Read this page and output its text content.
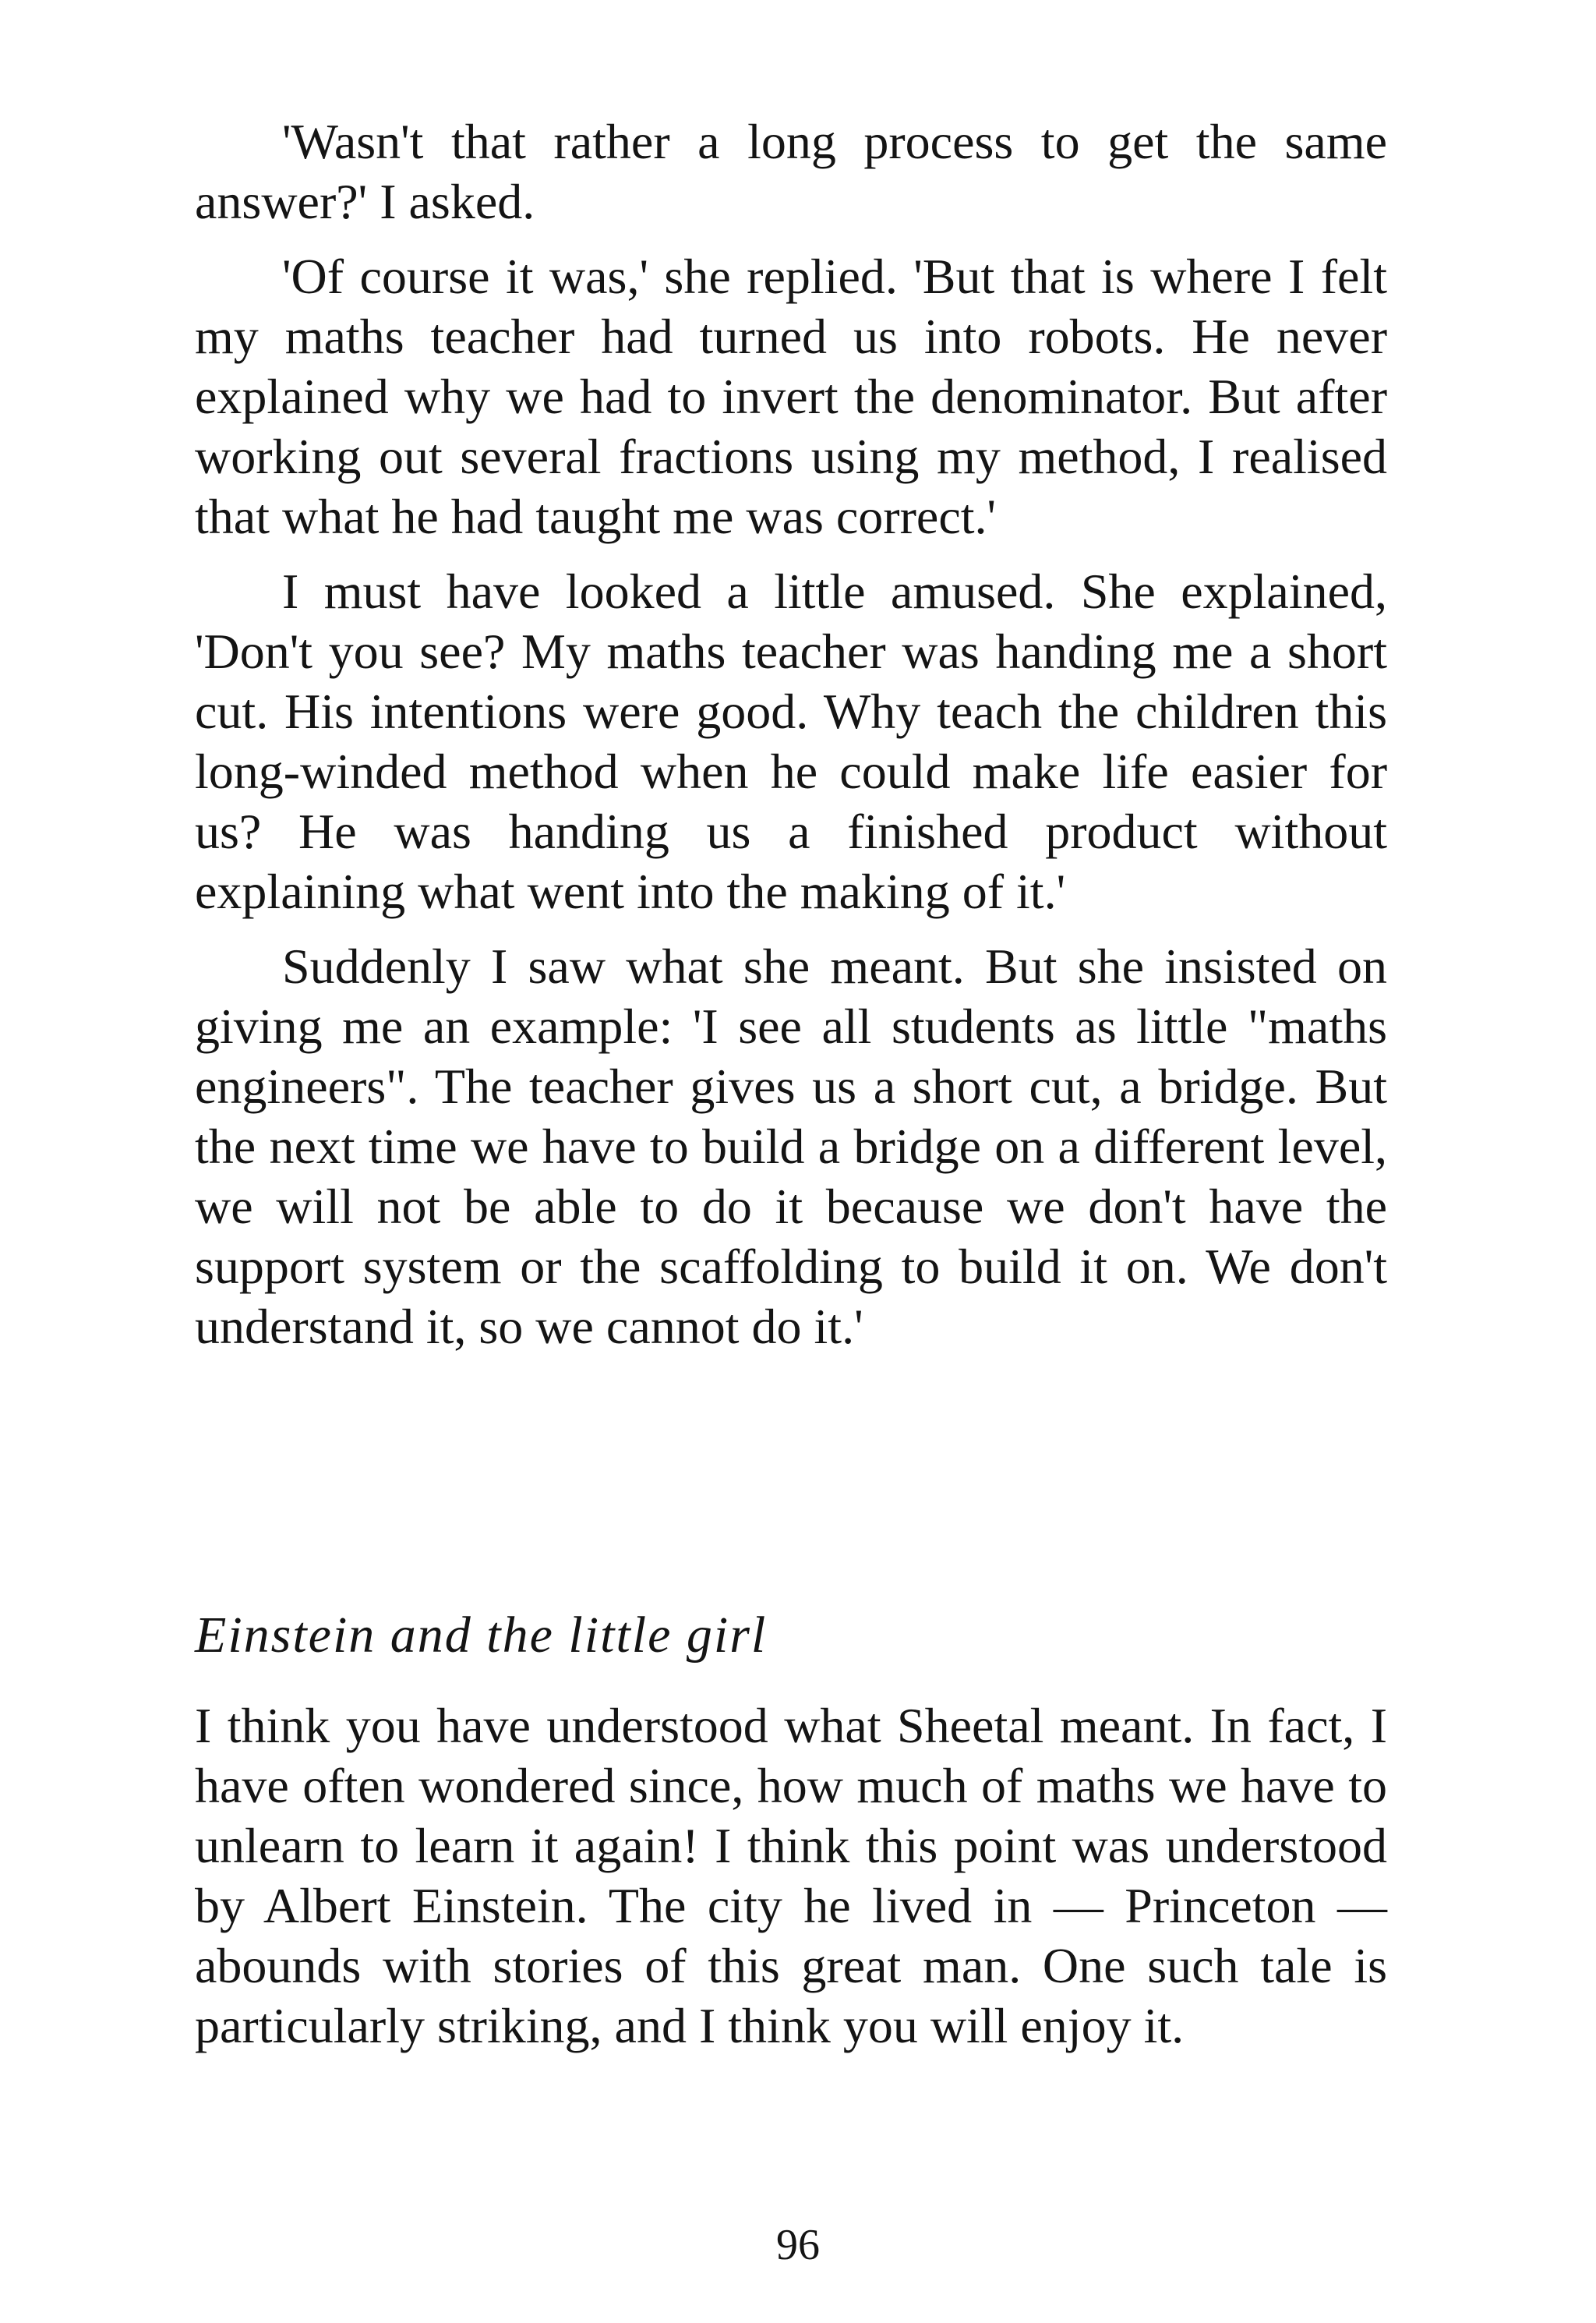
'Wasn't that rather a long process to get the same answer?' I asked.

'Of course it was,' she replied. 'But that is where I felt my maths teacher had turned us into robots. He never explained why we had to invert the denominator. But after working out several fractions using my method, I realised that what he had taught me was correct.'

I must have looked a little amused. She explained, 'Don't you see? My maths teacher was handing me a short cut. His intentions were good. Why teach the children this long-winded method when he could make life easier for us? He was handing us a finished product without explaining what went into the making of it.'

Suddenly I saw what she meant. But she insisted on giving me an example: 'I see all students as little "maths engineers". The teacher gives us a short cut, a bridge. But the next time we have to build a bridge on a different level, we will not be able to do it because we don't have the support system or the scaffolding to build it on. We don't understand it, so we cannot do it.'

Einstein and the little girl

I think you have understood what Sheetal meant. In fact, I have often wondered since, how much of maths we have to unlearn to learn it again! I think this point was understood by Albert Einstein. The city he lived in — Princeton — abounds with stories of this great man. One such tale is particularly striking, and I think you will enjoy it.

96
